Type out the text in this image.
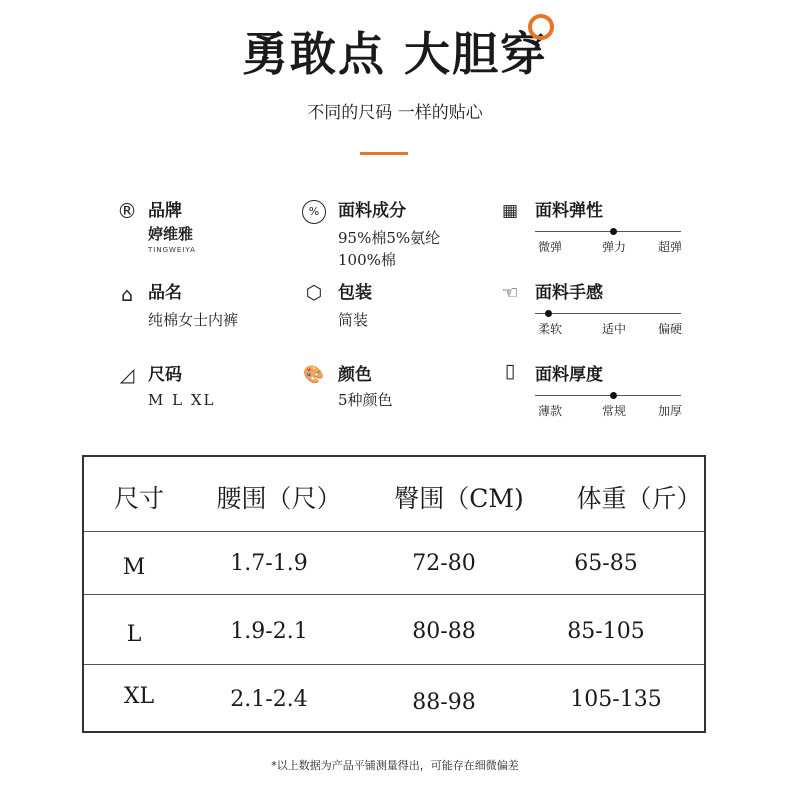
勇敢点 大胆穿
不同的尺码 一样的贴心
® 品牌
婷维雅
TINGWEIYA
⌂ 品名
纯棉女士内裤
◿ 尺码
M L XL
%	面料成分
95%棉5%氨纶
100%棉
⬡ 包装
简装
🎨 颜色
5种颜色
▦ 面料弹性
微弹	弹力	超弹
☜ 面料手感
柔软	适中	偏硬
▯	面料厚度
薄款	常规	加厚
尺寸	腰围（尺）	臀围（CM)	体重（斤）
M	1.7-1.9	72-80	65-85
L	1.9-2.1	80-88	85-105
XL	2.1-2.4	88-98	105-135
*以上数据为产品平铺测量得出，可能存在细微偏差
